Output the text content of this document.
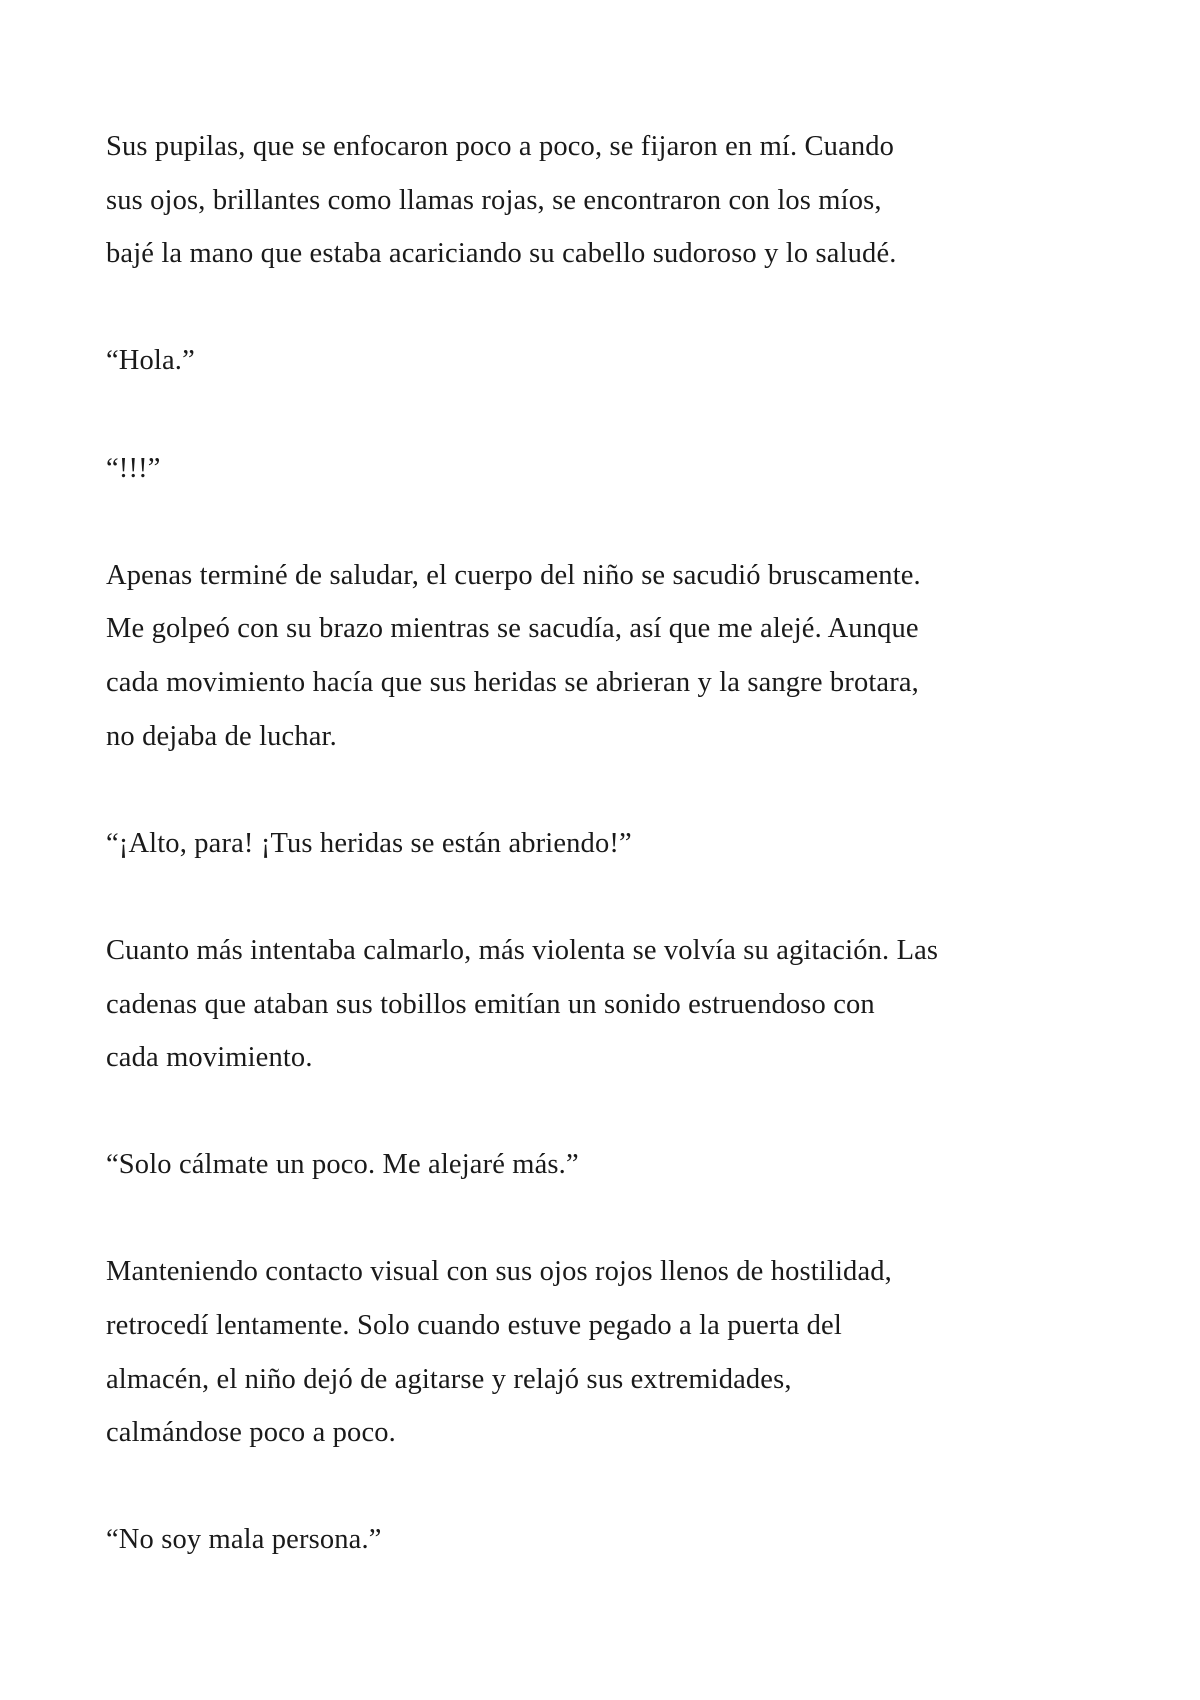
Sus pupilas, que se enfocaron poco a poco, se fijaron en mí. Cuando
sus ojos, brillantes como llamas rojas, se encontraron con los míos,
bajé la mano que estaba acariciando su cabello sudoroso y lo saludé.

“Hola.”

“!!!”

Apenas terminé de saludar, el cuerpo del niño se sacudió bruscamente.
Me golpeó con su brazo mientras se sacudía, así que me alejé. Aunque
cada movimiento hacía que sus heridas se abrieran y la sangre brotara,
no dejaba de luchar.

“¡Alto, para! ¡Tus heridas se están abriendo!”

Cuanto más intentaba calmarlo, más violenta se volvía su agitación. Las
cadenas que ataban sus tobillos emitían un sonido estruendoso con
cada movimiento.

“Solo cálmate un poco. Me alejaré más.”

Manteniendo contacto visual con sus ojos rojos llenos de hostilidad,
retrocedí lentamente. Solo cuando estuve pegado a la puerta del
almacén, el niño dejó de agitarse y relajó sus extremidades,
calmándose poco a poco.

“No soy mala persona.”
